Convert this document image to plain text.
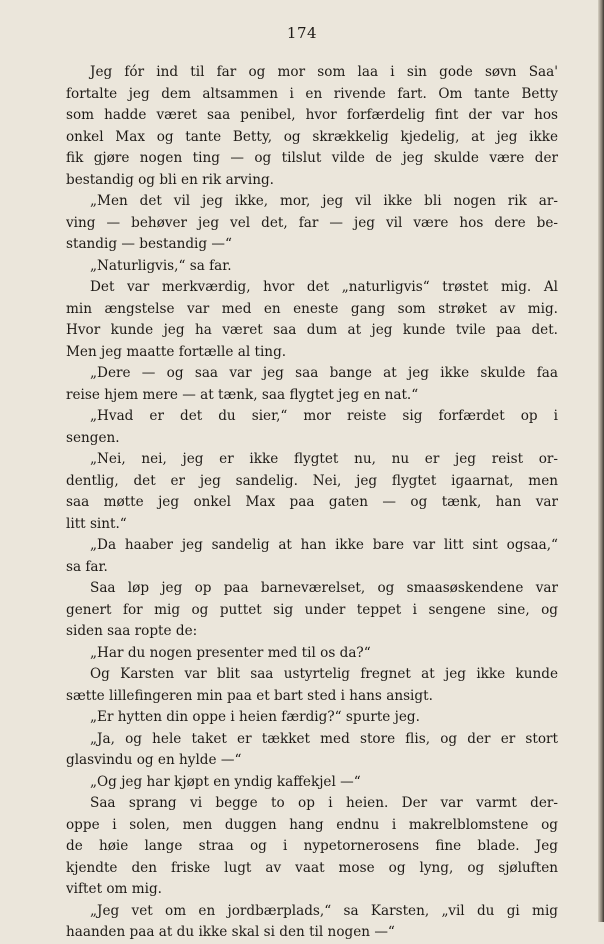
174
Jeg fór ind til far og mor som laa i sin gode søvn Saa'
fortalte jeg dem altsammen i en rivende fart. Om tante Betty
som hadde været saa penibel, hvor forfærdelig fint der var hos
onkel Max og tante Betty, og skrækkelig kjedelig, at jeg ikke
fik gjøre nogen ting — og tilslut vilde de jeg skulde være der
bestandig og bli en rik arving.
„Men det vil jeg ikke, mor, jeg vil ikke bli nogen rik ar-
ving — behøver jeg vel det, far — jeg vil være hos dere be-
standig — bestandig —“
„Naturligvis,“ sa far.
Det var merkværdig, hvor det „naturligvis“ trøstet mig. Al
min ængstelse var med en eneste gang som strøket av mig.
Hvor kunde jeg ha været saa dum at jeg kunde tvile paa det.
Men jeg maatte fortælle al ting.
„Dere — og saa var jeg saa bange at jeg ikke skulde faa
reise hjem mere — at tænk, saa flygtet jeg en nat.“
„Hvad er det du sier,“ mor reiste sig forfærdet op i
sengen.
„Nei, nei, jeg er ikke flygtet nu, nu er jeg reist or-
dentlig, det er jeg sandelig. Nei, jeg flygtet igaarnat, men
saa møtte jeg onkel Max paa gaten — og tænk, han var
litt sint.“
„Da haaber jeg sandelig at han ikke bare var litt sint ogsaa,“
sa far.
Saa løp jeg op paa barneværelset, og smaasøskendene var
genert for mig og puttet sig under teppet i sengene sine, og
siden saa ropte de:
„Har du nogen presenter med til os da?“
Og Karsten var blit saa ustyrtelig fregnet at jeg ikke kunde
sætte lillefingeren min paa et bart sted i hans ansigt.
„Er hytten din oppe i heien færdig?“ spurte jeg.
„Ja, og hele taket er tækket med store flis, og der er stort
glasvindu og en hylde —“
„Og jeg har kjøpt en yndig kaffekjel —“
Saa sprang vi begge to op i heien. Der var varmt der-
oppe i solen, men duggen hang endnu i makrelblomstene og
de høie lange straa og i nypetornerosens fine blade. Jeg
kjendte den friske lugt av vaat mose og lyng, og sjøluften
viftet om mig.
„Jeg vet om en jordbærplads,“ sa Karsten, „vil du gi mig
haanden paa at du ikke skal si den til nogen —“
